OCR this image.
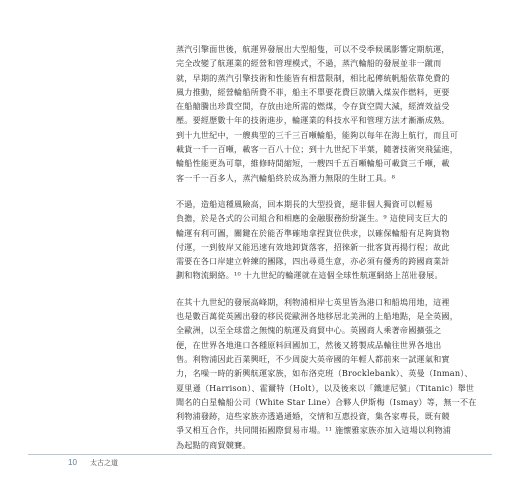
蒸汽引擎面世後，航運界發展出大型船隻，可以不受季候風影響定期航運，
完全改變了航運業的經營和管理模式，不過，蒸汽輪船的發展並非一蹴而
就，早期的蒸汽引擎技術和性能皆有相當限制，相比起傳統帆船依靠免費的
風力推動，經營輪船所費不菲，船主不單要花費巨款購入煤炭作燃料，更要
在船艙騰出珍貴空間，存放由途所需的燃煤，令存貨空間大減，經濟效益受
壓。要經歷數十年的技術進步，輪運業的科技水平和管理方法才漸漸成熟。
到十九世紀中，一艘典型的三千三百噸輪船，能夠以每年在海上航行，而且可
載貨一千一百噸，載客一百八十位；到十九世紀下半葉，隨著技術突飛猛進，
輪船性能更為可靠，維修時間縮短，一艘四千五百噸輪船可載貨三千噸，載
客一千一百多人，蒸汽輪船終於成為潛力無限的生財工具。⁸

不過，造船這種風險高，回本期長的大型投資，絕非個人獨資可以輕易
負擔，於是各式的公司組合和相應的金融服務紛紛誕生。⁹ 這使同支巨大的
輪運有利可圖，關鍵在於能否準確地拿捏貨位供求，以確保輪船有足夠貨物
付運，一到彼岸又能迅速有效地卸貨落客，招徠新一批客貨再揚行程；故此
需要在各口岸建立幹練的團隊，四出尋覓生意，亦必須有優秀的跨國商業計
劃和物流網絡。¹⁰ 十九世紀的輪運就在這個全球性航運網絡上茁壯發展。

在其十九世紀的發展高峰期，利物浦相岸七英里皆為港口和船塢用地，這裡
也是數百萬從英國出發的移民從歐洲各地移居北美洲的上船地點，是全英國，
全歐洲，以至全球當之無愧的航運及商貿中心。英國商人乘著帝國擴張之
便，在世界各地進口各種原料回國加工，然後又將製成品輸往世界各地出
售。利物浦因此百業興旺，不少周旋大英帝國的年輕人都前來一試運氣和實
力，名噪一時的新興航運家族，如布洛克班（Brocklebank）、英曼（Inman）、
夏里遜（Harrison）、霍爾特（Holt），以及後來以「鐵達尼號」（Titanic）舉世
聞名的白星輪船公司（White Star Line）合夥人伊斯梅（Ismay）等，無一不在
利物浦發跡，這些家族亦透過通婚，交情和互惠投資，集各家專長，既有競
爭又相互合作，共同開拓國際貿易市場。¹¹ 施懷雅家族亦加入這場以利物浦
為起點的商貿競賽。

10 太古之道
